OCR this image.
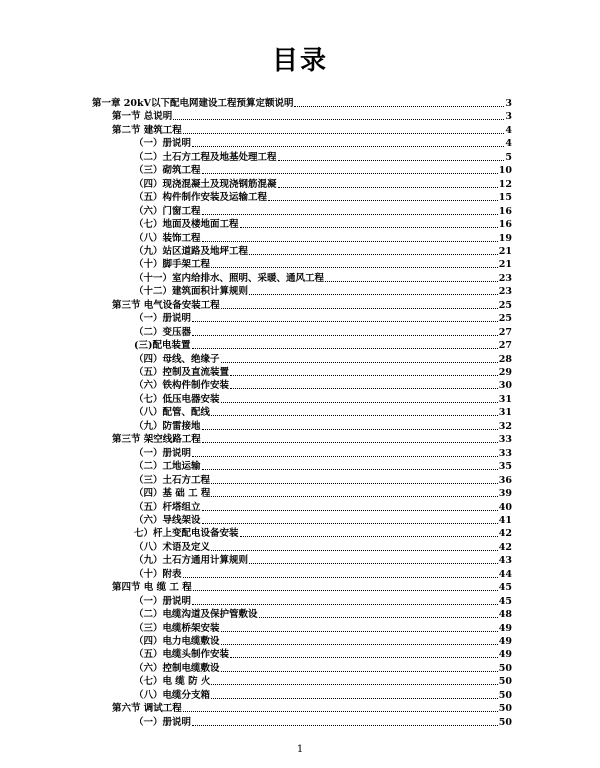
目录
第一章 20kV以下配电网建设工程预算定额说明	3
第一节 总说明	3
第二节 建筑工程	4
（一）册说明	4
（二）土石方工程及地基处理工程	5
（三）砌筑工程	10
（四）现浇混凝土及现浇钢筋混凝	12
（五）构件制作安装及运输工程	15
（六）门窗工程	16
（七）地面及楼地面工程	16
（八）装饰工程	19
（九）站区道路及地坪工程	21
（十）脚手架工程	21
（十一）室内给排水、照明、采暖、通风工程	23
（十二）建筑面积计算规则	23
第三节 电气设备安装工程	25
（一）册说明	25
（二）变压器	27
(三)配电装置	27
（四）母线、绝缘子	28
（五）控制及直流装置	29
（六）铁构件制作安装	30
（七）低压电器安装	31
（八）配管、配线	31
（九）防雷接地	32
第三节 架空线路工程	33
（一）册说明	33
（二）工地运输	35
（三）土石方工程	36
（四）基 础 工 程	39
（五）杆塔组立	40
（六）导线架设	41
七）杆上变配电设备安装	42
（八）术语及定义	42
（九）土石方通用计算规则	43
（十）附表	44
第四节 电 缆 工 程	45
（一）册说明	45
（二）电缆沟道及保护管敷设	48
（三）电缆桥架安装	49
（四）电力电缆敷设	49
（五）电缆头制作安装	49
（六）控制电缆敷设	50
（七）电 缆 防 火	50
（八）电缆分支箱	50
第六节 调试工程	50
（一）册说明	50
1
